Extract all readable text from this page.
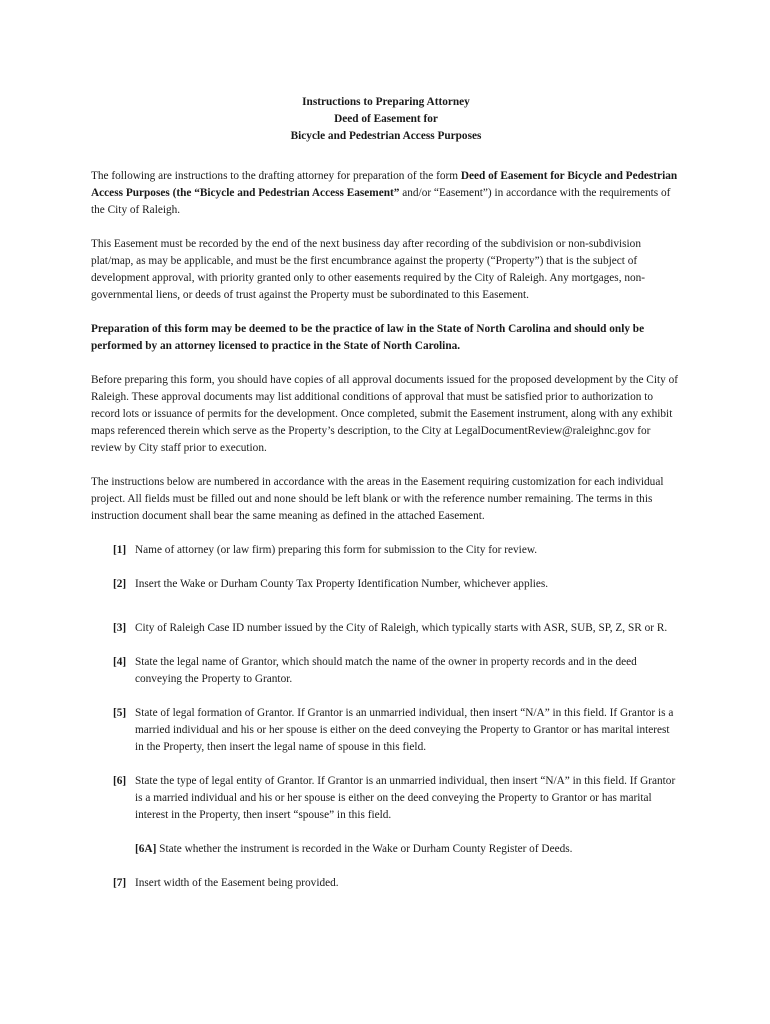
Instructions to Preparing Attorney
Deed of Easement for
Bicycle and Pedestrian Access Purposes

The following are instructions to the drafting attorney for preparation of the form Deed of Easement for Bicycle and Pedestrian Access Purposes (the “Bicycle and Pedestrian Access Easement” and/or “Easement”) in accordance with the requirements of the City of Raleigh.

This Easement must be recorded by the end of the next business day after recording of the subdivision or non-subdivision plat/map, as may be applicable, and must be the first encumbrance against the property (“Property”) that is the subject of development approval, with priority granted only to other easements required by the City of Raleigh. Any mortgages, non-governmental liens, or deeds of trust against the Property must be subordinated to this Easement.

Preparation of this form may be deemed to be the practice of law in the State of North Carolina and should only be performed by an attorney licensed to practice in the State of North Carolina.

Before preparing this form, you should have copies of all approval documents issued for the proposed development by the City of Raleigh. These approval documents may list additional conditions of approval that must be satisfied prior to authorization to record lots or issuance of permits for the development. Once completed, submit the Easement instrument, along with any exhibit maps referenced therein which serve as the Property’s description, to the City at LegalDocumentReview@raleighnc.gov for review by City staff prior to execution.

The instructions below are numbered in accordance with the areas in the Easement requiring customization for each individual project. All fields must be filled out and none should be left blank or with the reference number remaining. The terms in this instruction document shall bear the same meaning as defined in the attached Easement.

[1] Name of attorney (or law firm) preparing this form for submission to the City for review.
[2] Insert the Wake or Durham County Tax Property Identification Number, whichever applies.
[3] City of Raleigh Case ID number issued by the City of Raleigh, which typically starts with ASR, SUB, SP, Z, SR or R.
[4] State the legal name of Grantor, which should match the name of the owner in property records and in the deed conveying the Property to Grantor.
[5] State of legal formation of Grantor. If Grantor is an unmarried individual, then insert “N/A” in this field. If Grantor is a married individual and his or her spouse is either on the deed conveying the Property to Grantor or has marital interest in the Property, then insert the legal name of spouse in this field.
[6] State the type of legal entity of Grantor. If Grantor is an unmarried individual, then insert “N/A” in this field. If Grantor is a married individual and his or her spouse is either on the deed conveying the Property to Grantor or has marital interest in the Property, then insert “spouse” in this field.
[6A] State whether the instrument is recorded in the Wake or Durham County Register of Deeds.
[7] Insert width of the Easement being provided.
